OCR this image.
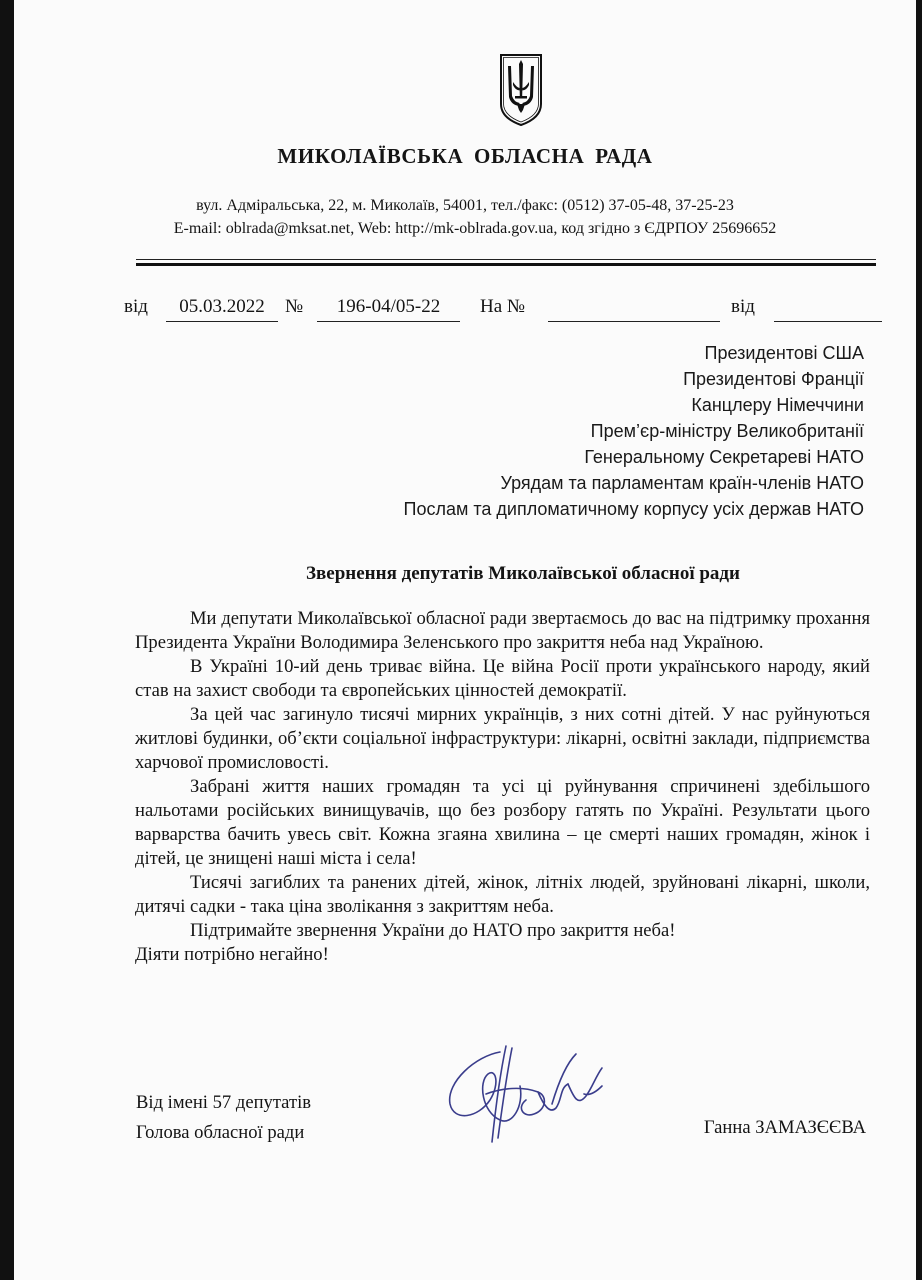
МИКОЛАЇВСЬКА ОБЛАСНА РАДА
вул. Адміральська, 22, м. Миколаїв, 54001, тел./факс: (0512) 37-05-48, 37-25-23
E-mail: oblrada@mksat.net, Web: http://mk-oblrada.gov.ua, код згідно з ЄДРПОУ 25696652
від	05.03.2022	№	196-04/05-22	На №	від
Президентові США
Президентові Франції
Канцлеру Німеччини
Прем’єр-міністру Великобританії
Генеральному Секретареві НАТО
Урядам та парламентам країн-членів НАТО
Послам та дипломатичному корпусу усіх держав НАТО
Звернення депутатів Миколаївської обласної ради

Ми депутати Миколаївської обласної ради звертаємось до вас на підтримку прохання Президента України Володимира Зеленського про закриття неба над Україною.

В Україні 10-ий день триває війна. Це війна Росії проти українського народу, який став на захист свободи та європейських цінностей демократії.

За цей час загинуло тисячі мирних українців, з них сотні дітей. У нас руйнуються житлові будинки, об’єкти соціальної інфраструктури: лікарні, освітні заклади, підприємства харчової промисловості.

Забрані життя наших громадян та усі ці руйнування спричинені здебільшого нальотами російських винищувачів, що без розбору гатять по Україні. Результати цього варварства бачить увесь світ. Кожна згаяна хвилина – це смерті наших громадян, жінок і дітей, це знищені наші міста і села!

Тисячі загиблих та ранених дітей, жінок, літніх людей, зруйновані лікарні, школи, дитячі садки - така ціна зволікання з закриттям неба.

Підтримайте звернення України до НАТО про закриття неба!

Діяти потрібно негайно!

Від імені 57 депутатів
Голова обласної ради	Ганна ЗАМАЗЄЄВА
